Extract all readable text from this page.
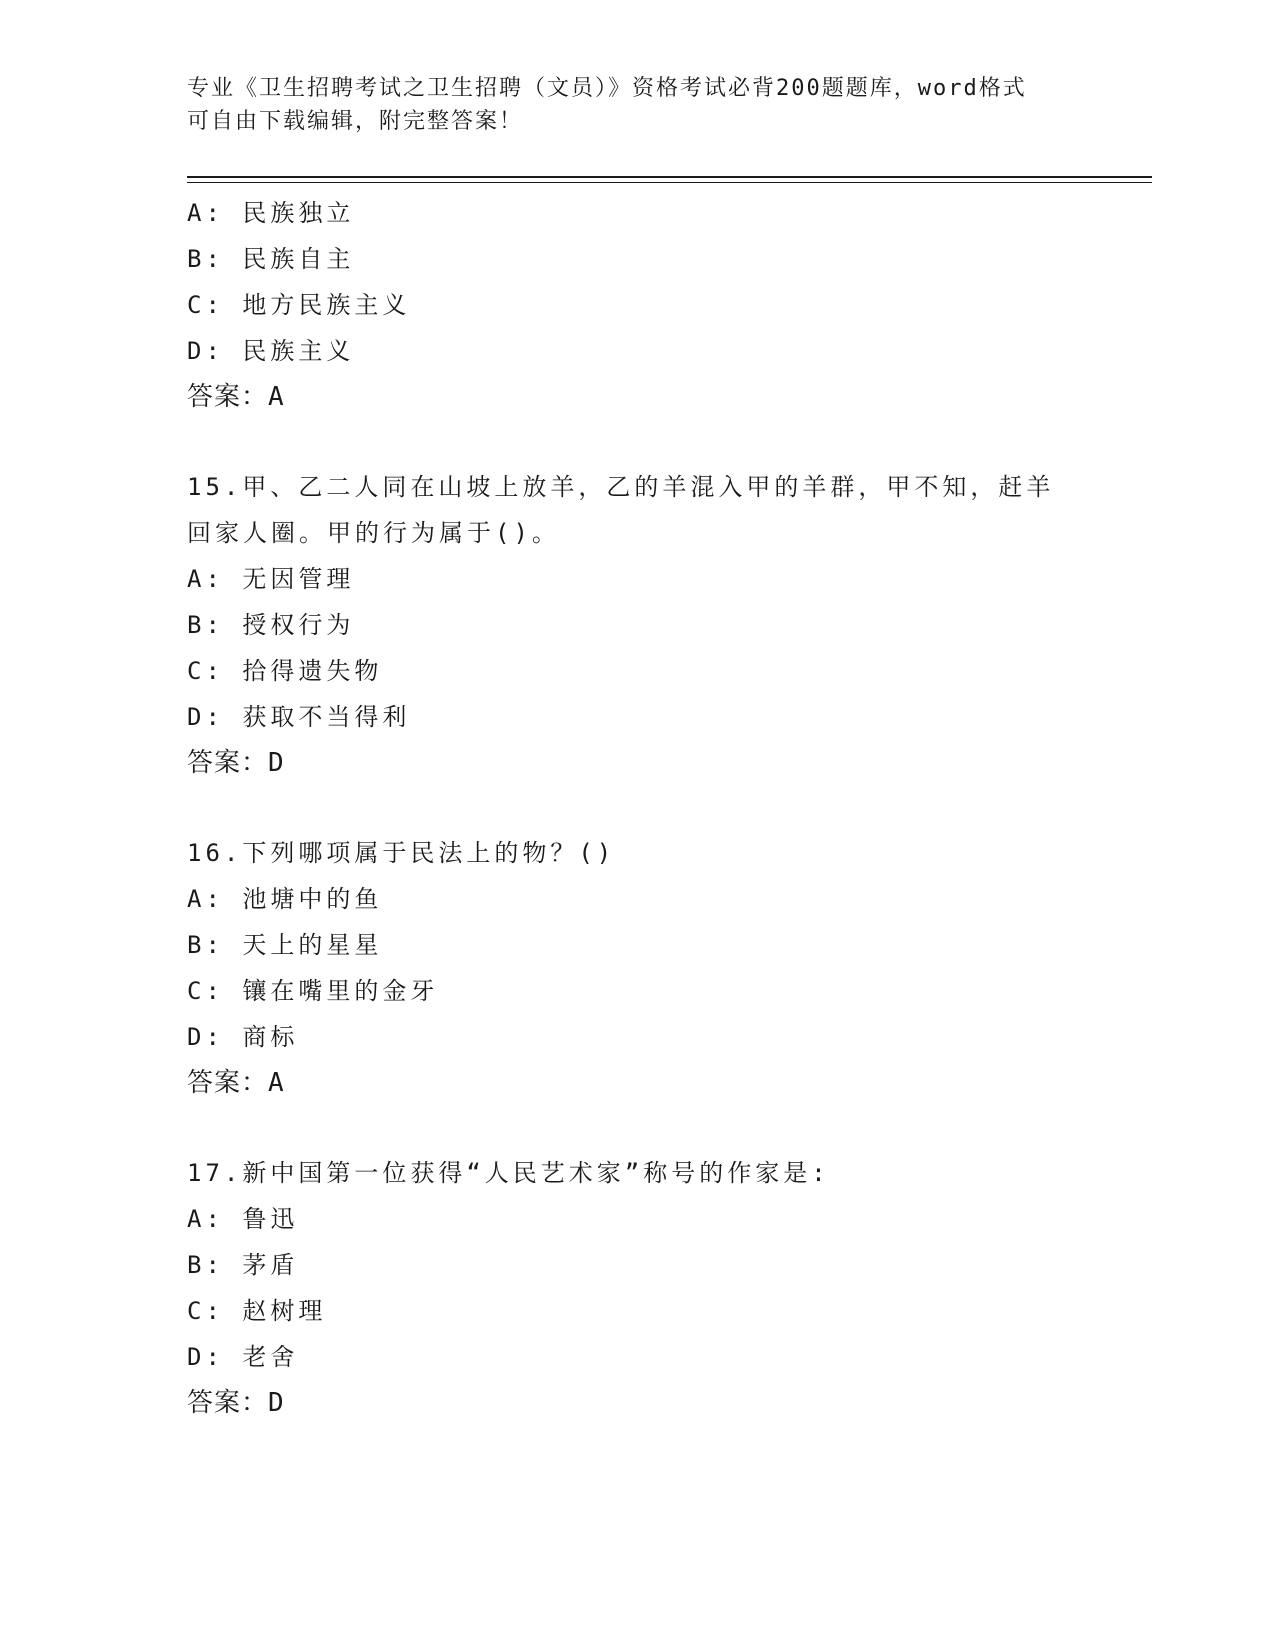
专业《卫生招聘考试之卫生招聘（文员）》资格考试必背200题题库，word格式
可自由下载编辑，附完整答案！
A: 民族独立
B: 民族自主
C: 地方民族主义
D: 民族主义
答案：A
15.甲、乙二人同在山坡上放羊，乙的羊混入甲的羊群，甲不知，赶羊
回家人圈。甲的行为属于()。
A: 无因管理
B: 授权行为
C: 拾得遗失物
D: 获取不当得利
答案：D
16.下列哪项属于民法上的物？()
A: 池塘中的鱼
B: 天上的星星
C: 镶在嘴里的金牙
D: 商标
答案：A
17.新中国第一位获得“人民艺术家”称号的作家是:
A: 鲁迅
B: 茅盾
C: 赵树理
D: 老舍
答案：D
